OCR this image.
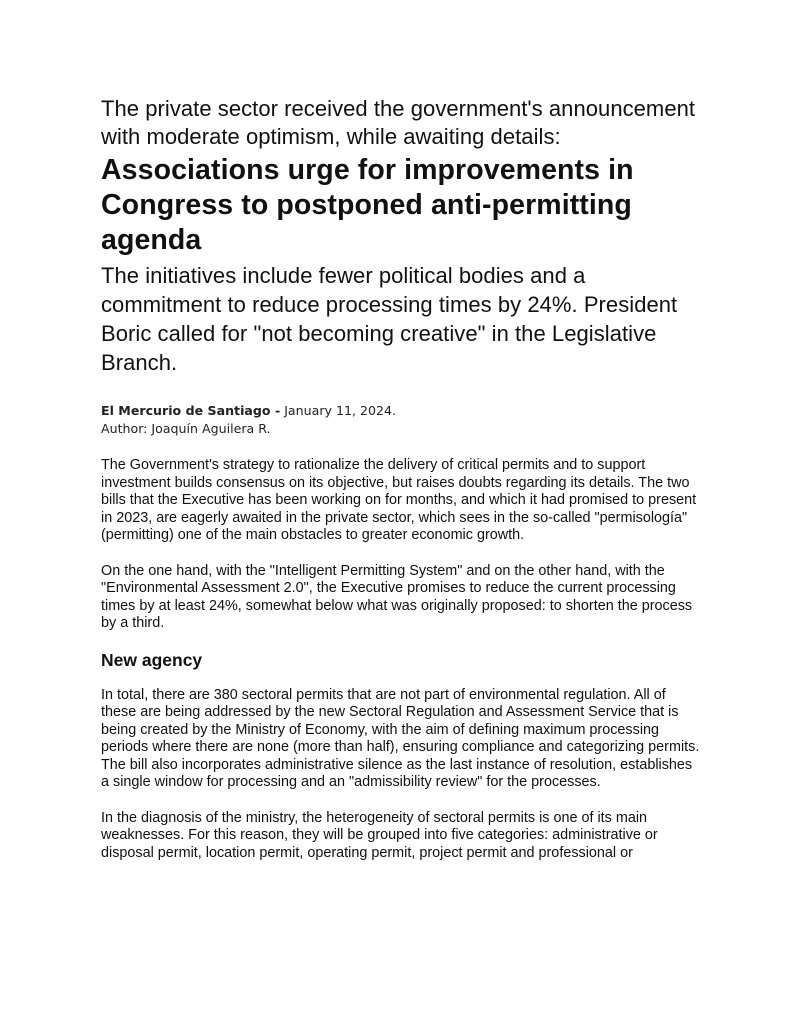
The private sector received the government's announcement with moderate optimism, while awaiting details:
Associations urge for improvements in Congress to postponed anti-permitting agenda
The initiatives include fewer political bodies and a commitment to reduce processing times by 24%. President Boric called for "not becoming creative" in the Legislative Branch.
El Mercurio de Santiago - January 11, 2024.
Author: Joaquín Aguilera R.

The Government's strategy to rationalize the delivery of critical permits and to support investment builds consensus on its objective, but raises doubts regarding its details. The two bills that the Executive has been working on for months, and which it had promised to present in 2023, are eagerly awaited in the private sector, which sees in the so-called "permisología" (permitting) one of the main obstacles to greater economic growth.

On the one hand, with the "Intelligent Permitting System" and on the other hand, with the "Environmental Assessment 2.0", the Executive promises to reduce the current processing times by at least 24%, somewhat below what was originally proposed: to shorten the process by a third.

New agency

In total, there are 380 sectoral permits that are not part of environmental regulation. All of these are being addressed by the new Sectoral Regulation and Assessment Service that is being created by the Ministry of Economy, with the aim of defining maximum processing periods where there are none (more than half), ensuring compliance and categorizing permits. The bill also incorporates administrative silence as the last instance of resolution, establishes a single window for processing and an "admissibility review" for the processes.

In the diagnosis of the ministry, the heterogeneity of sectoral permits is one of its main weaknesses. For this reason, they will be grouped into five categories: administrative or disposal permit, location permit, operating permit, project permit and professional or
